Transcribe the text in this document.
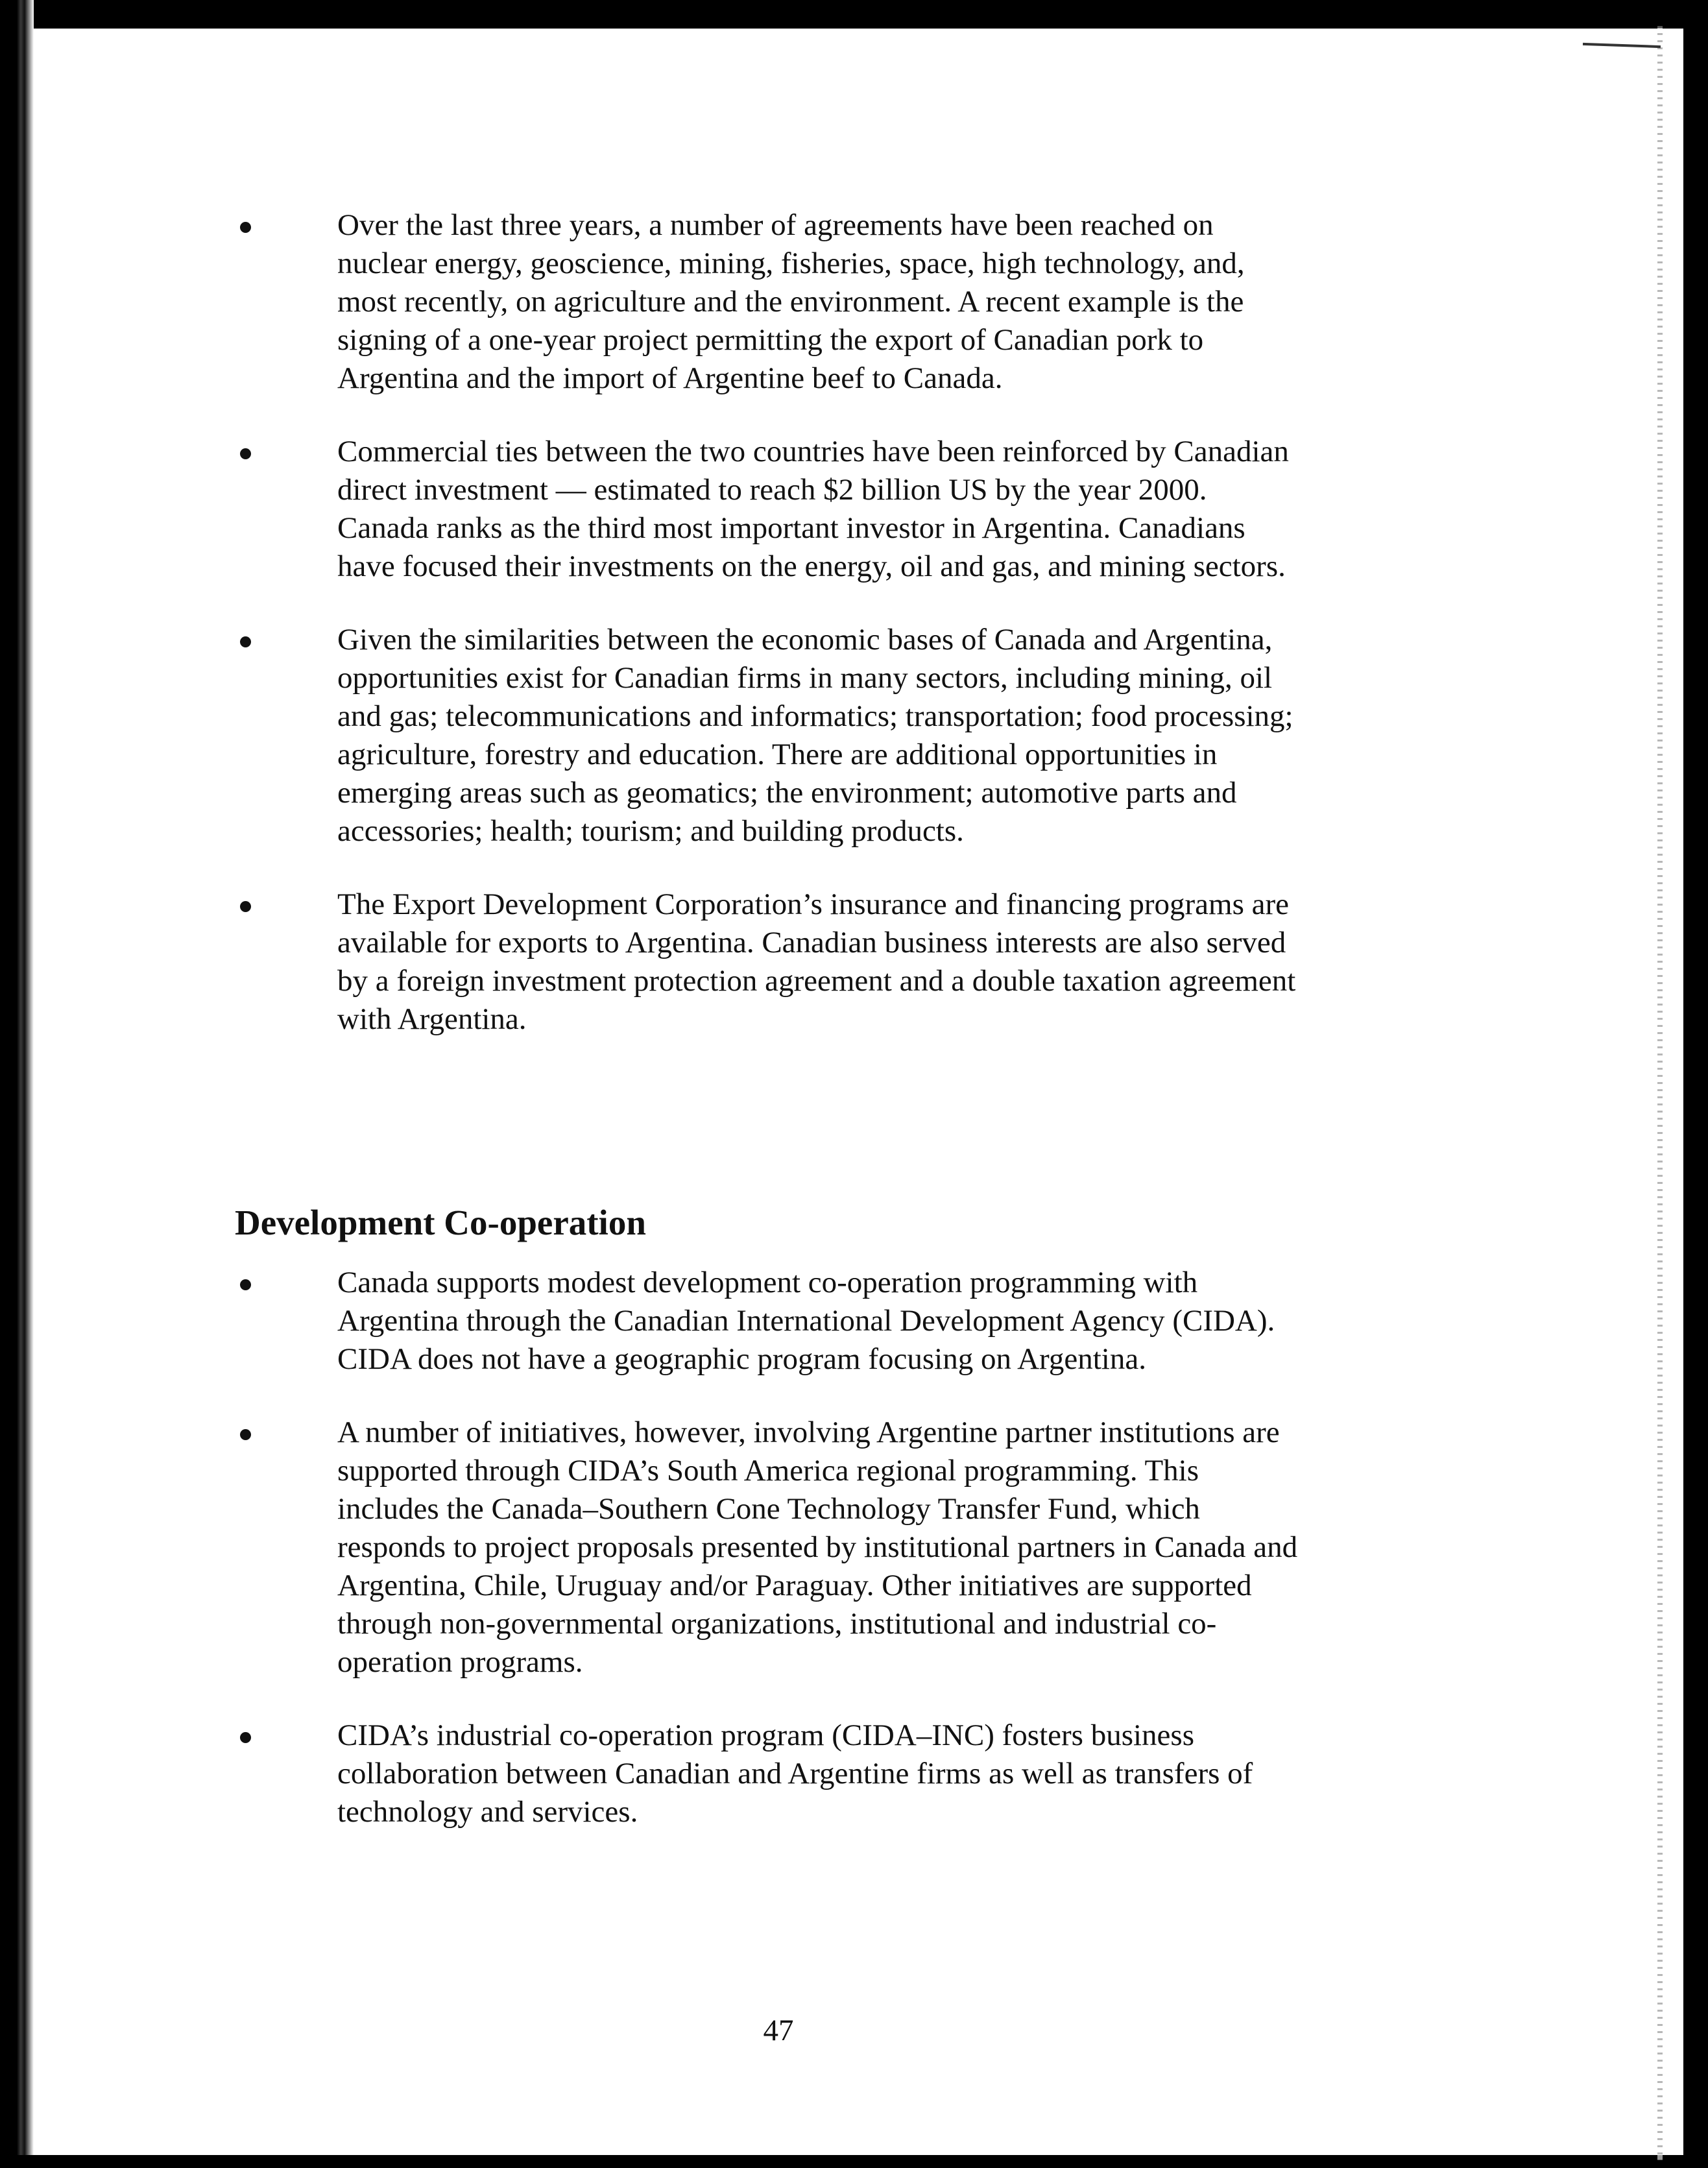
Over the last three years, a number of agreements have been reached on nuclear energy, geoscience, mining, fisheries, space, high technology, and, most recently, on agriculture and the environment. A recent example is the signing of a one-year project permitting the export of Canadian pork to Argentina and the import of Argentine beef to Canada.
Commercial ties between the two countries have been reinforced by Canadian direct investment — estimated to reach $2 billion US by the year 2000. Canada ranks as the third most important investor in Argentina. Canadians have focused their investments on the energy, oil and gas, and mining sectors.
Given the similarities between the economic bases of Canada and Argentina, opportunities exist for Canadian firms in many sectors, including mining, oil and gas; telecommunications and informatics; transportation; food processing; agriculture, forestry and education. There are additional opportunities in emerging areas such as geomatics; the environment; automotive parts and accessories; health; tourism; and building products.
The Export Development Corporation’s insurance and financing programs are available for exports to Argentina. Canadian business interests are also served by a foreign investment protection agreement and a double taxation agreement with Argentina.
Development Co-operation
Canada supports modest development co-operation programming with Argentina through the Canadian International Development Agency (CIDA). CIDA does not have a geographic program focusing on Argentina.
A number of initiatives, however, involving Argentine partner institutions are supported through CIDA’s South America regional programming. This includes the Canada–Southern Cone Technology Transfer Fund, which responds to project proposals presented by institutional partners in Canada and Argentina, Chile, Uruguay and/or Paraguay. Other initiatives are supported through non-governmental organizations, institutional and industrial co-operation programs.
CIDA’s industrial co-operation program (CIDA–INC) fosters business collaboration between Canadian and Argentine firms as well as transfers of technology and services.
47
